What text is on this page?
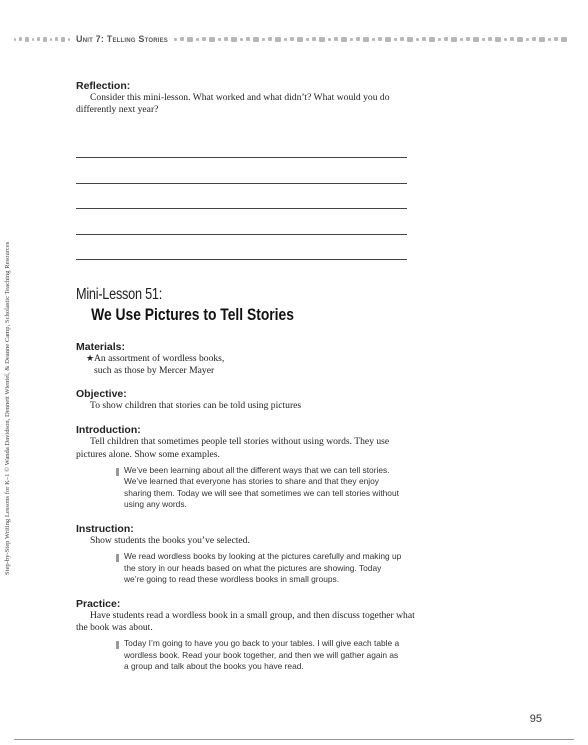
Unit 7: Telling Stories
Step-by-Step Writing Lessons for K–1 © Wanda Davidson, Dennett Wientel, & Deanne Camp, Scholastic Teaching Resources

Reflection:

Consider this mini-lesson. What worked and what didn’t? What would you do differently next year?

Mini-Lesson 51:

We Use Pictures to Tell Stories

Materials:

★ An assortment of wordless books,
such as those by Mercer Mayer

Objective:

To show children that stories can be told using pictures

Introduction:

Tell children that sometimes people tell stories without using words. They use pictures alone. Show some examples.

We’ve been learning about all the different ways that we can tell stories. We’ve learned that everyone has stories to share and that they enjoy sharing them. Today we will see that sometimes we can tell stories without using any words.

Instruction:

Show students the books you’ve selected.

We read wordless books by looking at the pictures carefully and making up the story in our heads based on what the pictures are showing. Today we’re going to read these wordless books in small groups.

Practice:

Have students read a wordless book in a small group, and then discuss together what the book was about.

Today I’m going to have you go back to your tables. I will give each table a wordless book. Read your book together, and then we will gather again as a group and talk about the books you have read.
95
